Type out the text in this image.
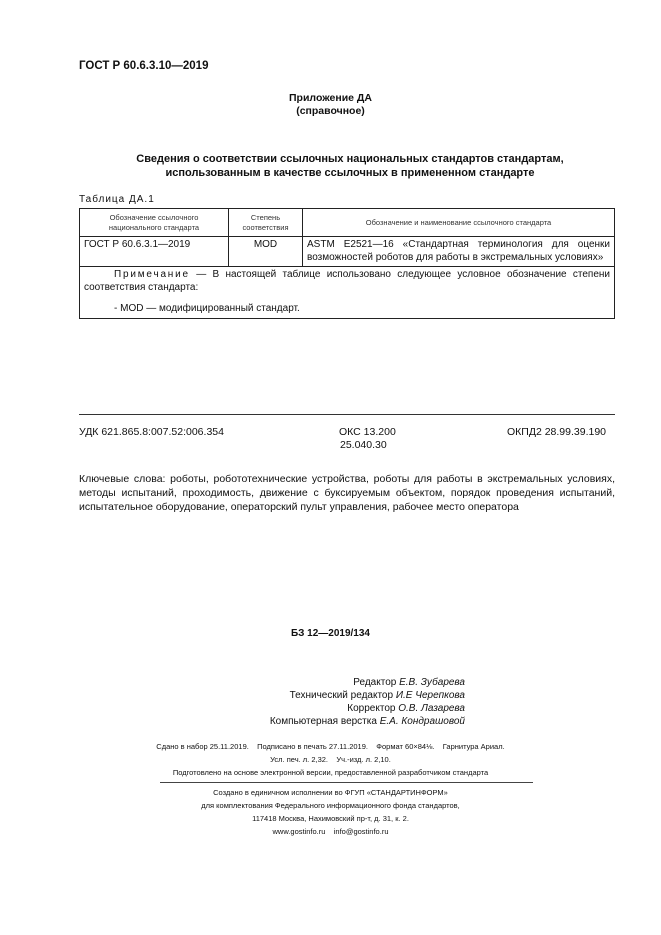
ГОСТ Р 60.6.3.10—2019
Приложение ДА
(справочное)
Сведения о соответствии ссылочных национальных стандартов стандартам,
использованным в качестве ссылочных в примененном стандарте
Таблица ДА.1
Обозначение ссылочного национального стандарта	Степень соответствия	Обозначение и наименование ссылочного стандарта
ГОСТ Р 60.6.3.1—2019	MOD	ASTM E2521—16 «Стандартная терминология для оценки возможностей роботов для работы в экстремальных условиях»

Примечание — В настоящей таблице использовано следующее условное обозначение степени соответствия стандарта:
- MOD — модифицированный стандарт.		
УДК 621.865.8:007.52:006.354	ОКС 13.200
25.040.30
ОКПД2 28.99.39.190
Ключевые слова: роботы, робототехнические устройства, роботы для работы в экстремальных условиях, методы испытаний, проходимость, движение с буксируемым объектом, порядок проведения испытаний, испытательное оборудование, операторский пульт управления, рабочее место оператора
БЗ 12—2019/134
Редактор Е.В. Зубарева
Технический редактор И.Е Черепкова
Корректор О.В. Лазарева
Компьютерная верстка Е.А. Кондрашовой
Сдано в набор 25.11.2019.    Подписано в печать 27.11.2019.    Формат 60×84⅛.    Гарнитура Ариал.
Усл. печ. л. 2,32.    Уч.-изд. л. 2,10.
Подготовлено на основе электронной версии, предоставленной разработчиком стандарта
Создано в единичном исполнении во ФГУП «СТАНДАРТИНФОРМ»
для комплектования Федерального информационного фонда стандартов,
117418 Москва, Нахимовский пр-т, д. 31, к. 2.
www.gostinfo.ru    info@gostinfo.ru
